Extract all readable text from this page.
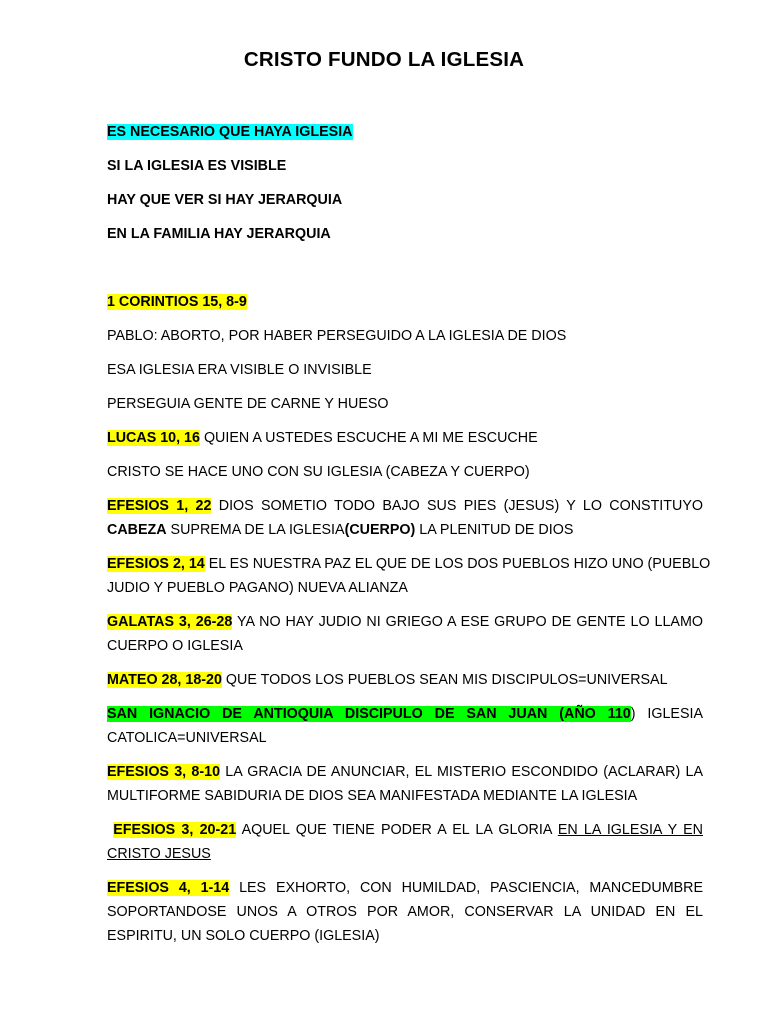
CRISTO FUNDO LA IGLESIA
ES NECESARIO QUE HAYA IGLESIA
SI LA IGLESIA ES VISIBLE
HAY QUE VER SI HAY JERARQUIA
EN LA FAMILIA HAY JERARQUIA
1 CORINTIOS 15, 8-9
PABLO: ABORTO, POR HABER PERSEGUIDO A LA IGLESIA DE DIOS
ESA IGLESIA ERA VISIBLE O INVISIBLE
PERSEGUIA GENTE DE CARNE Y HUESO
LUCAS 10, 16 QUIEN A USTEDES ESCUCHE A MI ME ESCUCHE
CRISTO SE HACE UNO CON SU IGLESIA (CABEZA Y CUERPO)
EFESIOS 1, 22 DIOS SOMETIO TODO BAJO SUS PIES (JESUS) Y LO CONSTITUYO
CABEZA SUPREMA DE LA IGLESIA(CUERPO) LA PLENITUD DE DIOS
EFESIOS 2, 14 EL ES NUESTRA PAZ EL QUE DE LOS DOS PUEBLOS HIZO UNO (PUEBLO
JUDIO Y PUEBLO PAGANO) NUEVA ALIANZA
GALATAS 3, 26-28 YA NO HAY JUDIO NI GRIEGO A ESE GRUPO DE GENTE LO LLAMO
CUERPO O IGLESIA
MATEO 28, 18-20 QUE TODOS LOS PUEBLOS SEAN MIS DISCIPULOS=UNIVERSAL
SAN IGNACIO DE ANTIOQUIA DISCIPULO DE SAN JUAN (AÑO 110) IGLESIA
CATOLICA=UNIVERSAL
EFESIOS 3, 8-10 LA GRACIA DE ANUNCIAR, EL MISTERIO ESCONDIDO (ACLARAR) LA
MULTIFORME SABIDURIA DE DIOS SEA MANIFESTADA MEDIANTE LA IGLESIA
EFESIOS 3, 20-21 AQUEL QUE TIENE PODER A EL LA GLORIA EN LA IGLESIA Y EN
CRISTO JESUS
EFESIOS 4, 1-14 LES EXHORTO, CON HUMILDAD, PASCIENCIA, MANCEDUMBRE
SOPORTANDOSE UNOS A OTROS POR AMOR, CONSERVAR LA UNIDAD EN EL
ESPIRITU, UN SOLO CUERPO (IGLESIA)
